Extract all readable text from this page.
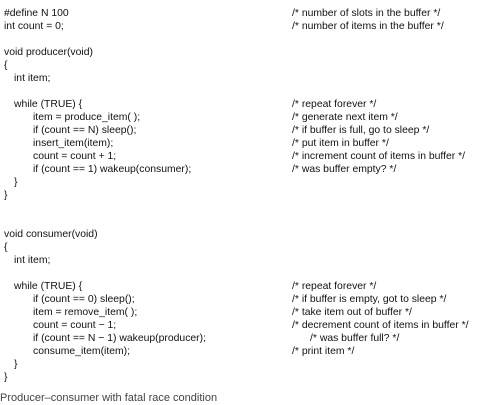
#define N 100	/* number of slots in the buffer */
int count = 0;	/* number of items in the buffer */
void producer(void)
{
int item;
while (TRUE) {	/* repeat forever */
item = produce_item( );	/* generate next item */
if (count == N) sleep();	/* if buffer is full, go to sleep */
insert_item(item);	/* put item in buffer */
count = count + 1;	/* increment count of items in buffer */
if (count == 1) wakeup(consumer);	/* was buffer empty? */
}
}
void consumer(void)
{
int item;
while (TRUE) {	/* repeat forever */
if (count == 0) sleep();	/* if buffer is empty, got to sleep */
item = remove_item( );	/* take item out of buffer */
count = count − 1;	/* decrement count of items in buffer */
if (count == N − 1) wakeup(producer);	/* was buffer full? */
consume_item(item);	/* print item */
}
}
Producer–consumer with fatal race condition
